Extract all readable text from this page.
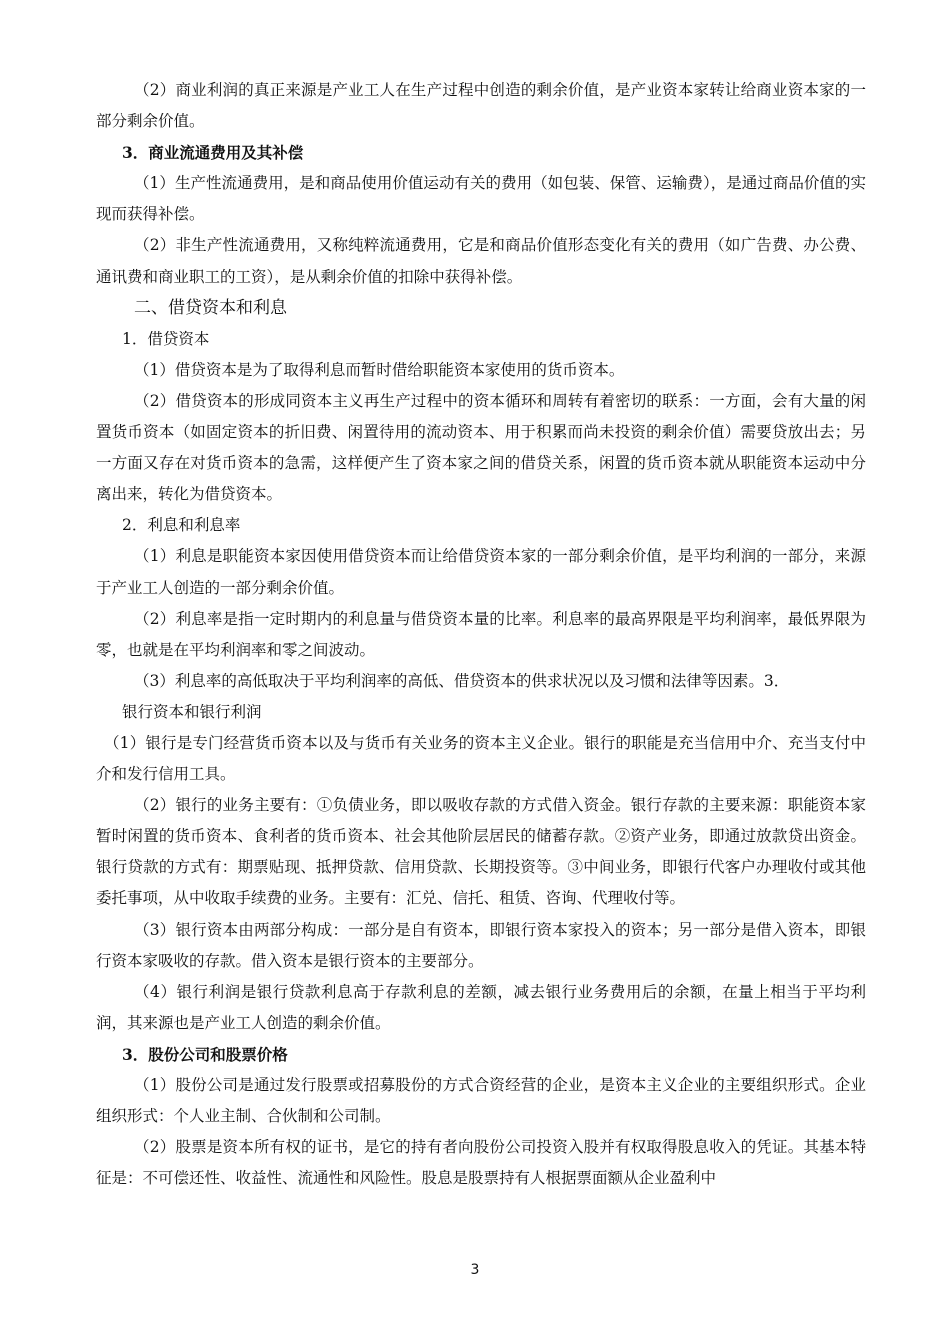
（2）商业利润的真正来源是产业工人在生产过程中创造的剩余价值，是产业资本家转让给商业资本家的一部分剩余价值。

3．商业流通费用及其补偿

（1）生产性流通费用，是和商品使用价值运动有关的费用（如包装、保管、运输费），是通过商品价值的实现而获得补偿。

（2）非生产性流通费用，又称纯粹流通费用，它是和商品价值形态变化有关的费用（如广告费、办公费、通讯费和商业职工的工资），是从剩余价值的扣除中获得补偿。

二、借贷资本和利息

1．借贷资本

（1）借贷资本是为了取得利息而暂时借给职能资本家使用的货币资本。

（2）借贷资本的形成同资本主义再生产过程中的资本循环和周转有着密切的联系：一方面，会有大量的闲置货币资本（如固定资本的折旧费、闲置待用的流动资本、用于积累而尚未投资的剩余价值）需要贷放出去；另一方面又存在对货币资本的急需，这样便产生了资本家之间的借贷关系，闲置的货币资本就从职能资本运动中分离出来，转化为借贷资本。

2．利息和利息率

（1）利息是职能资本家因使用借贷资本而让给借贷资本家的一部分剩余价值，是平均利润的一部分，来源于产业工人创造的一部分剩余价值。

（2）利息率是指一定时期内的利息量与借贷资本量的比率。利息率的最高界限是平均利润率，最低界限为零，也就是在平均利润率和零之间波动。

（3）利息率的高低取决于平均利润率的高低、借贷资本的供求状况以及习惯和法律等因素。3．

银行资本和银行利润

（1）银行是专门经营货币资本以及与货币有关业务的资本主义企业。银行的职能是充当信用中介、充当支付中介和发行信用工具。

（2）银行的业务主要有：①负债业务，即以吸收存款的方式借入资金。银行存款的主要来源：职能资本家暂时闲置的货币资本、食利者的货币资本、社会其他阶层居民的储蓄存款。②资产业务，即通过放款贷出资金。银行贷款的方式有：期票贴现、抵押贷款、信用贷款、长期投资等。③中间业务，即银行代客户办理收付或其他委托事项，从中收取手续费的业务。主要有：汇兑、信托、租赁、咨询、代理收付等。

（3）银行资本由两部分构成：一部分是自有资本，即银行资本家投入的资本；另一部分是借入资本，即银行资本家吸收的存款。借入资本是银行资本的主要部分。

（4）银行利润是银行贷款利息高于存款利息的差额，减去银行业务费用后的余额，在量上相当于平均利润，其来源也是产业工人创造的剩余价值。

3．股份公司和股票价格

（1）股份公司是通过发行股票或招募股份的方式合资经营的企业，是资本主义企业的主要组织形式。企业组织形式：个人业主制、合伙制和公司制。

（2）股票是资本所有权的证书，是它的持有者向股份公司投资入股并有权取得股息收入的凭证。其基本特征是：不可偿还性、收益性、流通性和风险性。股息是股票持有人根据票面额从企业盈利中

3
